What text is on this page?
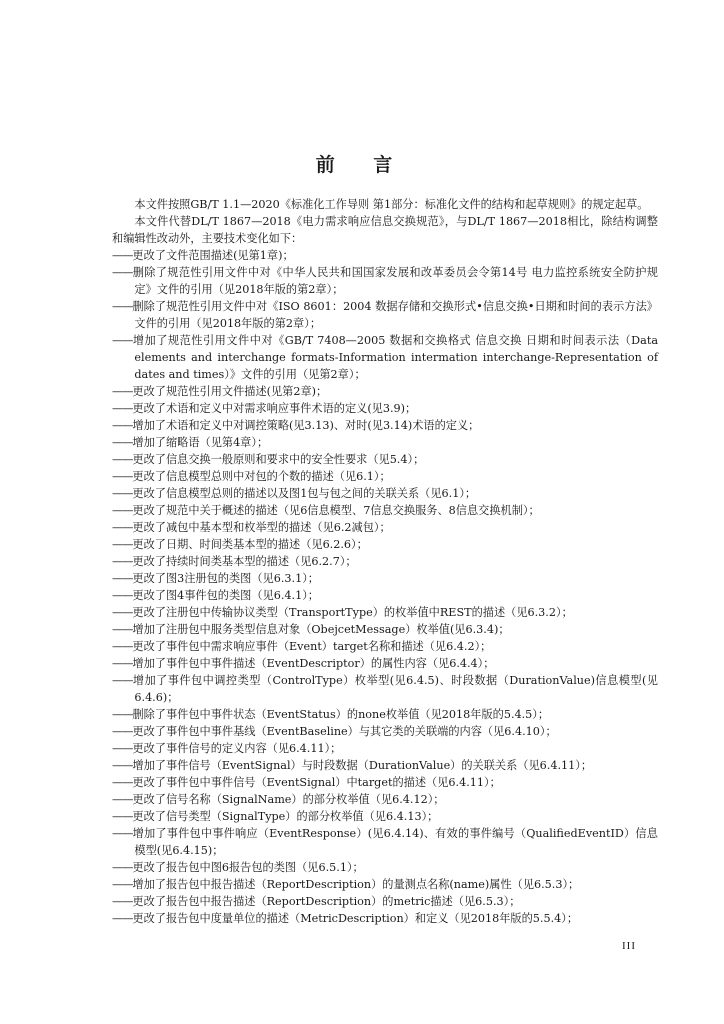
前 言

本文件按照GB/T 1.1—2020《标准化工作导则 第1部分：标准化文件的结构和起草规则》的规定起草。

本文件代替DL/T 1867—2018《电力需求响应信息交换规范》，与DL/T 1867—2018相比，除结构调整和编辑性改动外，主要技术变化如下：

——更改了文件范围描述(见第1章)；

——删除了规范性引用文件中对《中华人民共和国国家发展和改革委员会令第14号 电力监控系统安全防护规定》文件的引用（见2018年版的第2章）；

——删除了规范性引用文件中对《ISO 8601：2004 数据存储和交换形式•信息交换•日期和时间的表示方法》文件的引用（见2018年版的第2章）；

——增加了规范性引用文件中对《GB/T 7408—2005 数据和交换格式 信息交换 日期和时间表示法（Data elements and interchange formats-Information intermation interchange-Representation of dates and times）》文件的引用（见第2章）；

——更改了规范性引用文件描述(见第2章)；

——更改了术语和定义中对需求响应事件术语的定义(见3.9)；

——增加了术语和定义中对调控策略(见3.13)、对时(见3.14)术语的定义；

——增加了缩略语（见第4章）；

——更改了信息交换一般原则和要求中的安全性要求（见5.4）；

——更改了信息模型总则中对包的个数的描述（见6.1）；

——更改了信息模型总则的描述以及图1包与包之间的关联关系（见6.1）；

——更改了规范中关于概述的描述（见6信息模型、7信息交换服务、8信息交换机制）；

——更改了减包中基本型和枚举型的描述（见6.2减包）；

——更改了日期、时间类基本型的描述（见6.2.6）；

——更改了持续时间类基本型的描述（见6.2.7）；

——更改了图3注册包的类图（见6.3.1）；

——更改了图4事件包的类图（见6.4.1）；

——更改了注册包中传输协议类型（TransportType）的枚举值中REST的描述（见6.3.2）；

——增加了注册包中服务类型信息对象（ObejcetMessage）枚举值(见6.3.4)；

——更改了事件包中需求响应事件（Event）target名称和描述（见6.4.2）；

——增加了事件包中事件描述（EventDescriptor）的属性内容（见6.4.4）；

——增加了事件包中调控类型（ControlType）枚举型(见6.4.5)、时段数据（DurationValue)信息模型(见6.4.6)；

——删除了事件包中事件状态（EventStatus）的none枚举值（见2018年版的5.4.5）；

——更改了事件包中事件基线（EventBaseline）与其它类的关联端的内容（见6.4.10）；

——更改了事件信号的定义内容（见6.4.11）；

——增加了事件信号（EventSignal）与时段数据（DurationValue）的关联关系（见6.4.11）；

——更改了事件包中事件信号（EventSignal）中target的描述（见6.4.11）；

——更改了信号名称（SignalName）的部分枚举值（见6.4.12）；

——更改了信号类型（SignalType）的部分枚举值（见6.4.13）；

——增加了事件包中事件响应（EventResponse）(见6.4.14)、有效的事件编号（QualifiedEventID）信息模型(见6.4.15)；

——更改了报告包中图6报告包的类图（见6.5.1）；

——增加了报告包中报告描述（ReportDescription）的量测点名称(name)属性（见6.5.3）；

——更改了报告包中报告描述（ReportDescription）的metric描述（见6.5.3）；

——更改了报告包中度量单位的描述（MetricDescription）和定义（见2018年版的5.5.4）；

III
